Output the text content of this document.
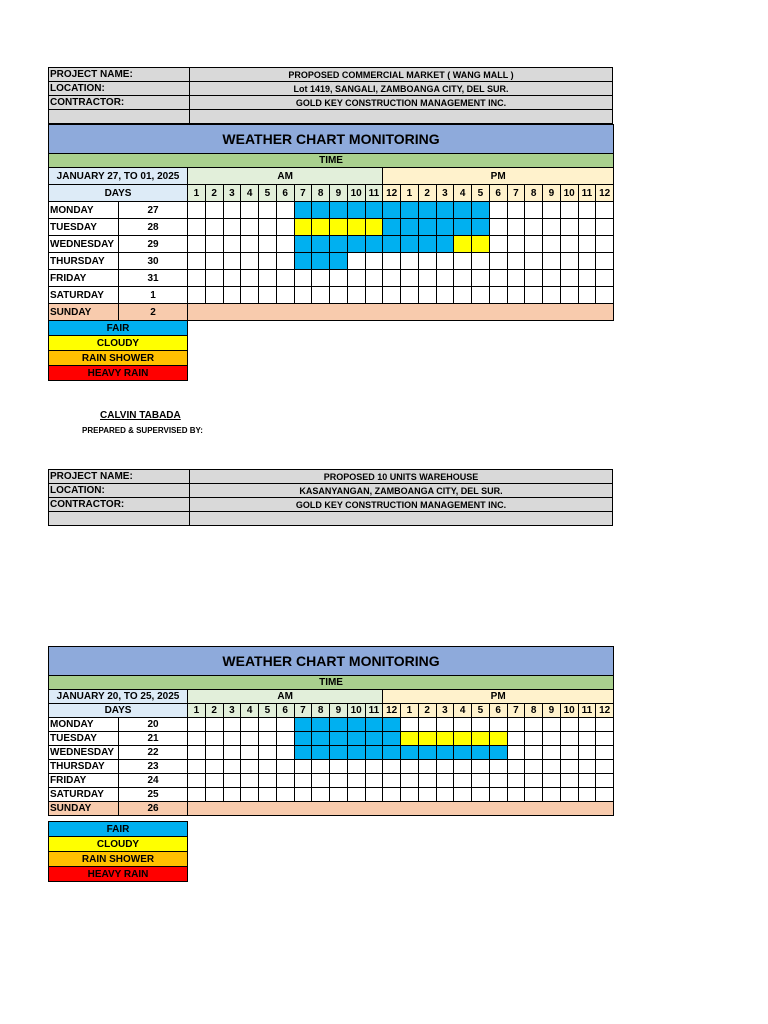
PROJECT NAME:	PROPOSED COMMERCIAL MARKET ( WANG MALL )
LOCATION:	Lot 1419, SANGALI, ZAMBOANGA CITY, DEL SUR.
CONTRACTOR:	GOLD KEY CONSTRUCTION MANAGEMENT INC.

WEATHER CHART MONITORING																									
TIME																									
JANUARY 27, TO 01, 2025		AM											PM												
DAYS		1	2	3	4	5	6	7	8	9	10	11	12	1	2	3	4	5	6	7	8	9	10	11	12
MONDAY	27																								
TUESDAY	28																								
WEDNESDAY	29																								
THURSDAY	30																								
FRIDAY	31																								
SATURDAY	1																								
SUNDAY	2																								
FAIR
CLOUDY
RAIN SHOWER
HEAVY RAIN
CALVIN TABADA
PREPARED & SUPERVISED BY:
PROJECT NAME:	PROPOSED 10 UNITS WAREHOUSE
LOCATION:	KASANYANGAN, ZAMBOANGA CITY, DEL SUR.
CONTRACTOR:	GOLD KEY CONSTRUCTION MANAGEMENT INC.

WEATHER CHART MONITORING																									
TIME																									
JANUARY 20, TO 25, 2025		AM											PM												
DAYS		1	2	3	4	5	6	7	8	9	10	11	12	1	2	3	4	5	6	7	8	9	10	11	12
MONDAY	20																								
TUESDAY	21																								
WEDNESDAY	22																								
THURSDAY	23																								
FRIDAY	24																								
SATURDAY	25																								
SUNDAY	26																								
FAIR
CLOUDY
RAIN SHOWER
HEAVY RAIN
